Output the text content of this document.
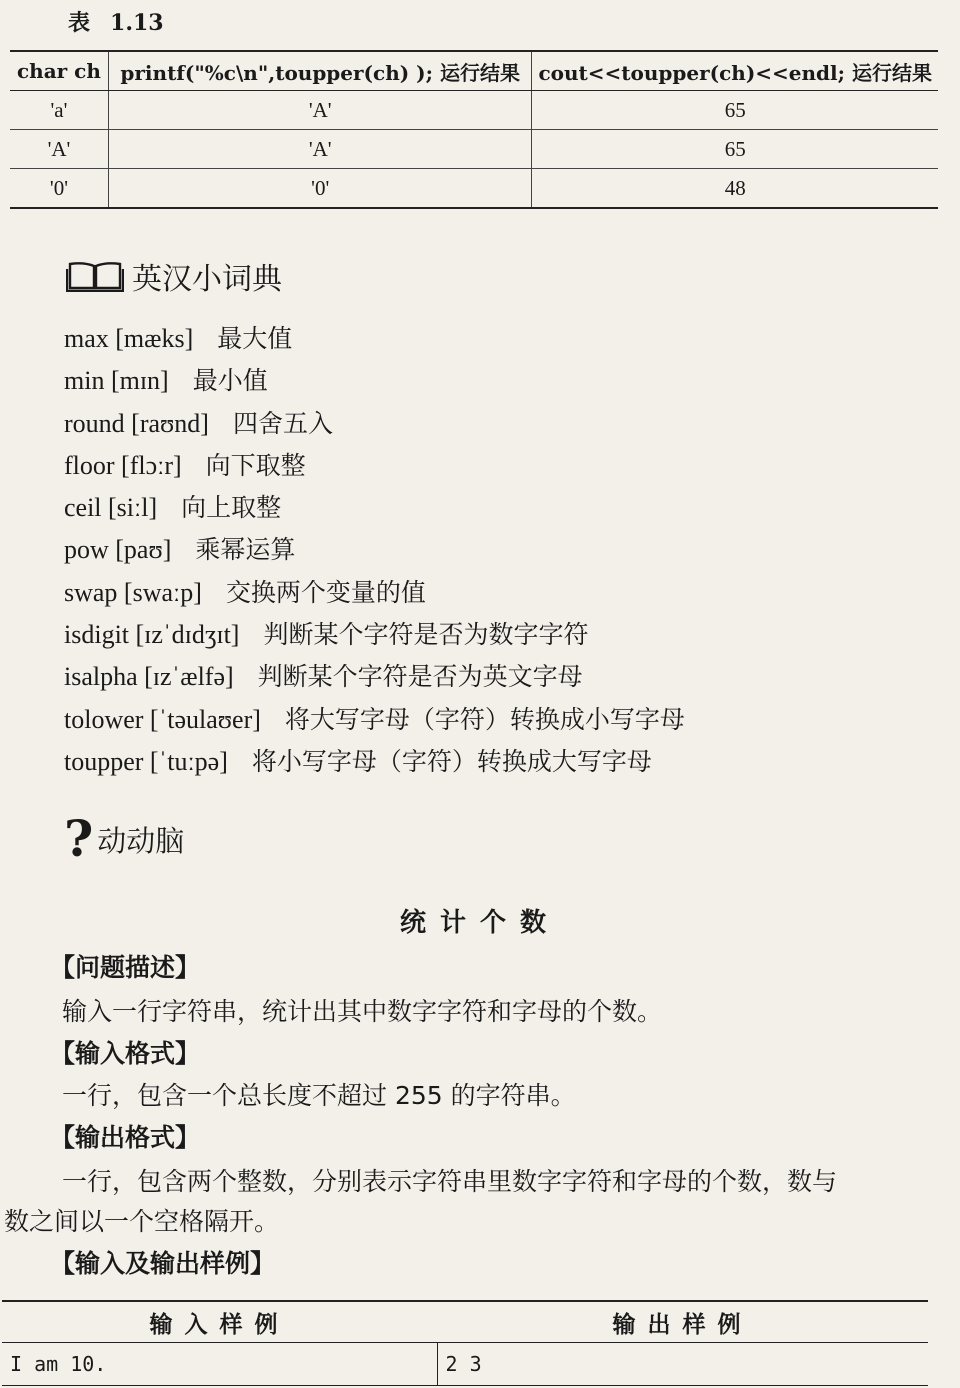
表 1.13
char ch	printf("%c\n",toupper(ch) ); 运行结果	cout<<toupper(ch)<<endl; 运行结果
'a'	'A'	65
'A'	'A'	65
'0'	'0'	48
英汉小词典
max [mæks] 最大值
min [mɪn] 最小值
round [raʊnd] 四舍五入
floor [flɔːr] 向下取整
ceil [siːl] 向上取整
pow [paʊ] 乘幂运算
swap [swaːp] 交换两个变量的值
isdigit [ɪzˈdɪdʒɪt] 判断某个字符是否为数字字符
isalpha [ɪzˈælfə] 判断某个字符是否为英文字母
tolower [ˈtəulaʊer] 将大写字母（字符）转换成小写字母
toupper [ˈtuːpə] 将小写字母（字符）转换成大写字母
? 动动脑
统计个数
【问题描述】
输入一行字符串，统计出其中数字字符和字母的个数。
【输入格式】
一行，包含一个总长度不超过 255 的字符串。
【输出格式】
一行，包含两个整数，分别表示字符串里数字字符和字母的个数，数与
数之间以一个空格隔开。
【输入及输出样例】
输入样例	输出样例
I am 10.	2 3
